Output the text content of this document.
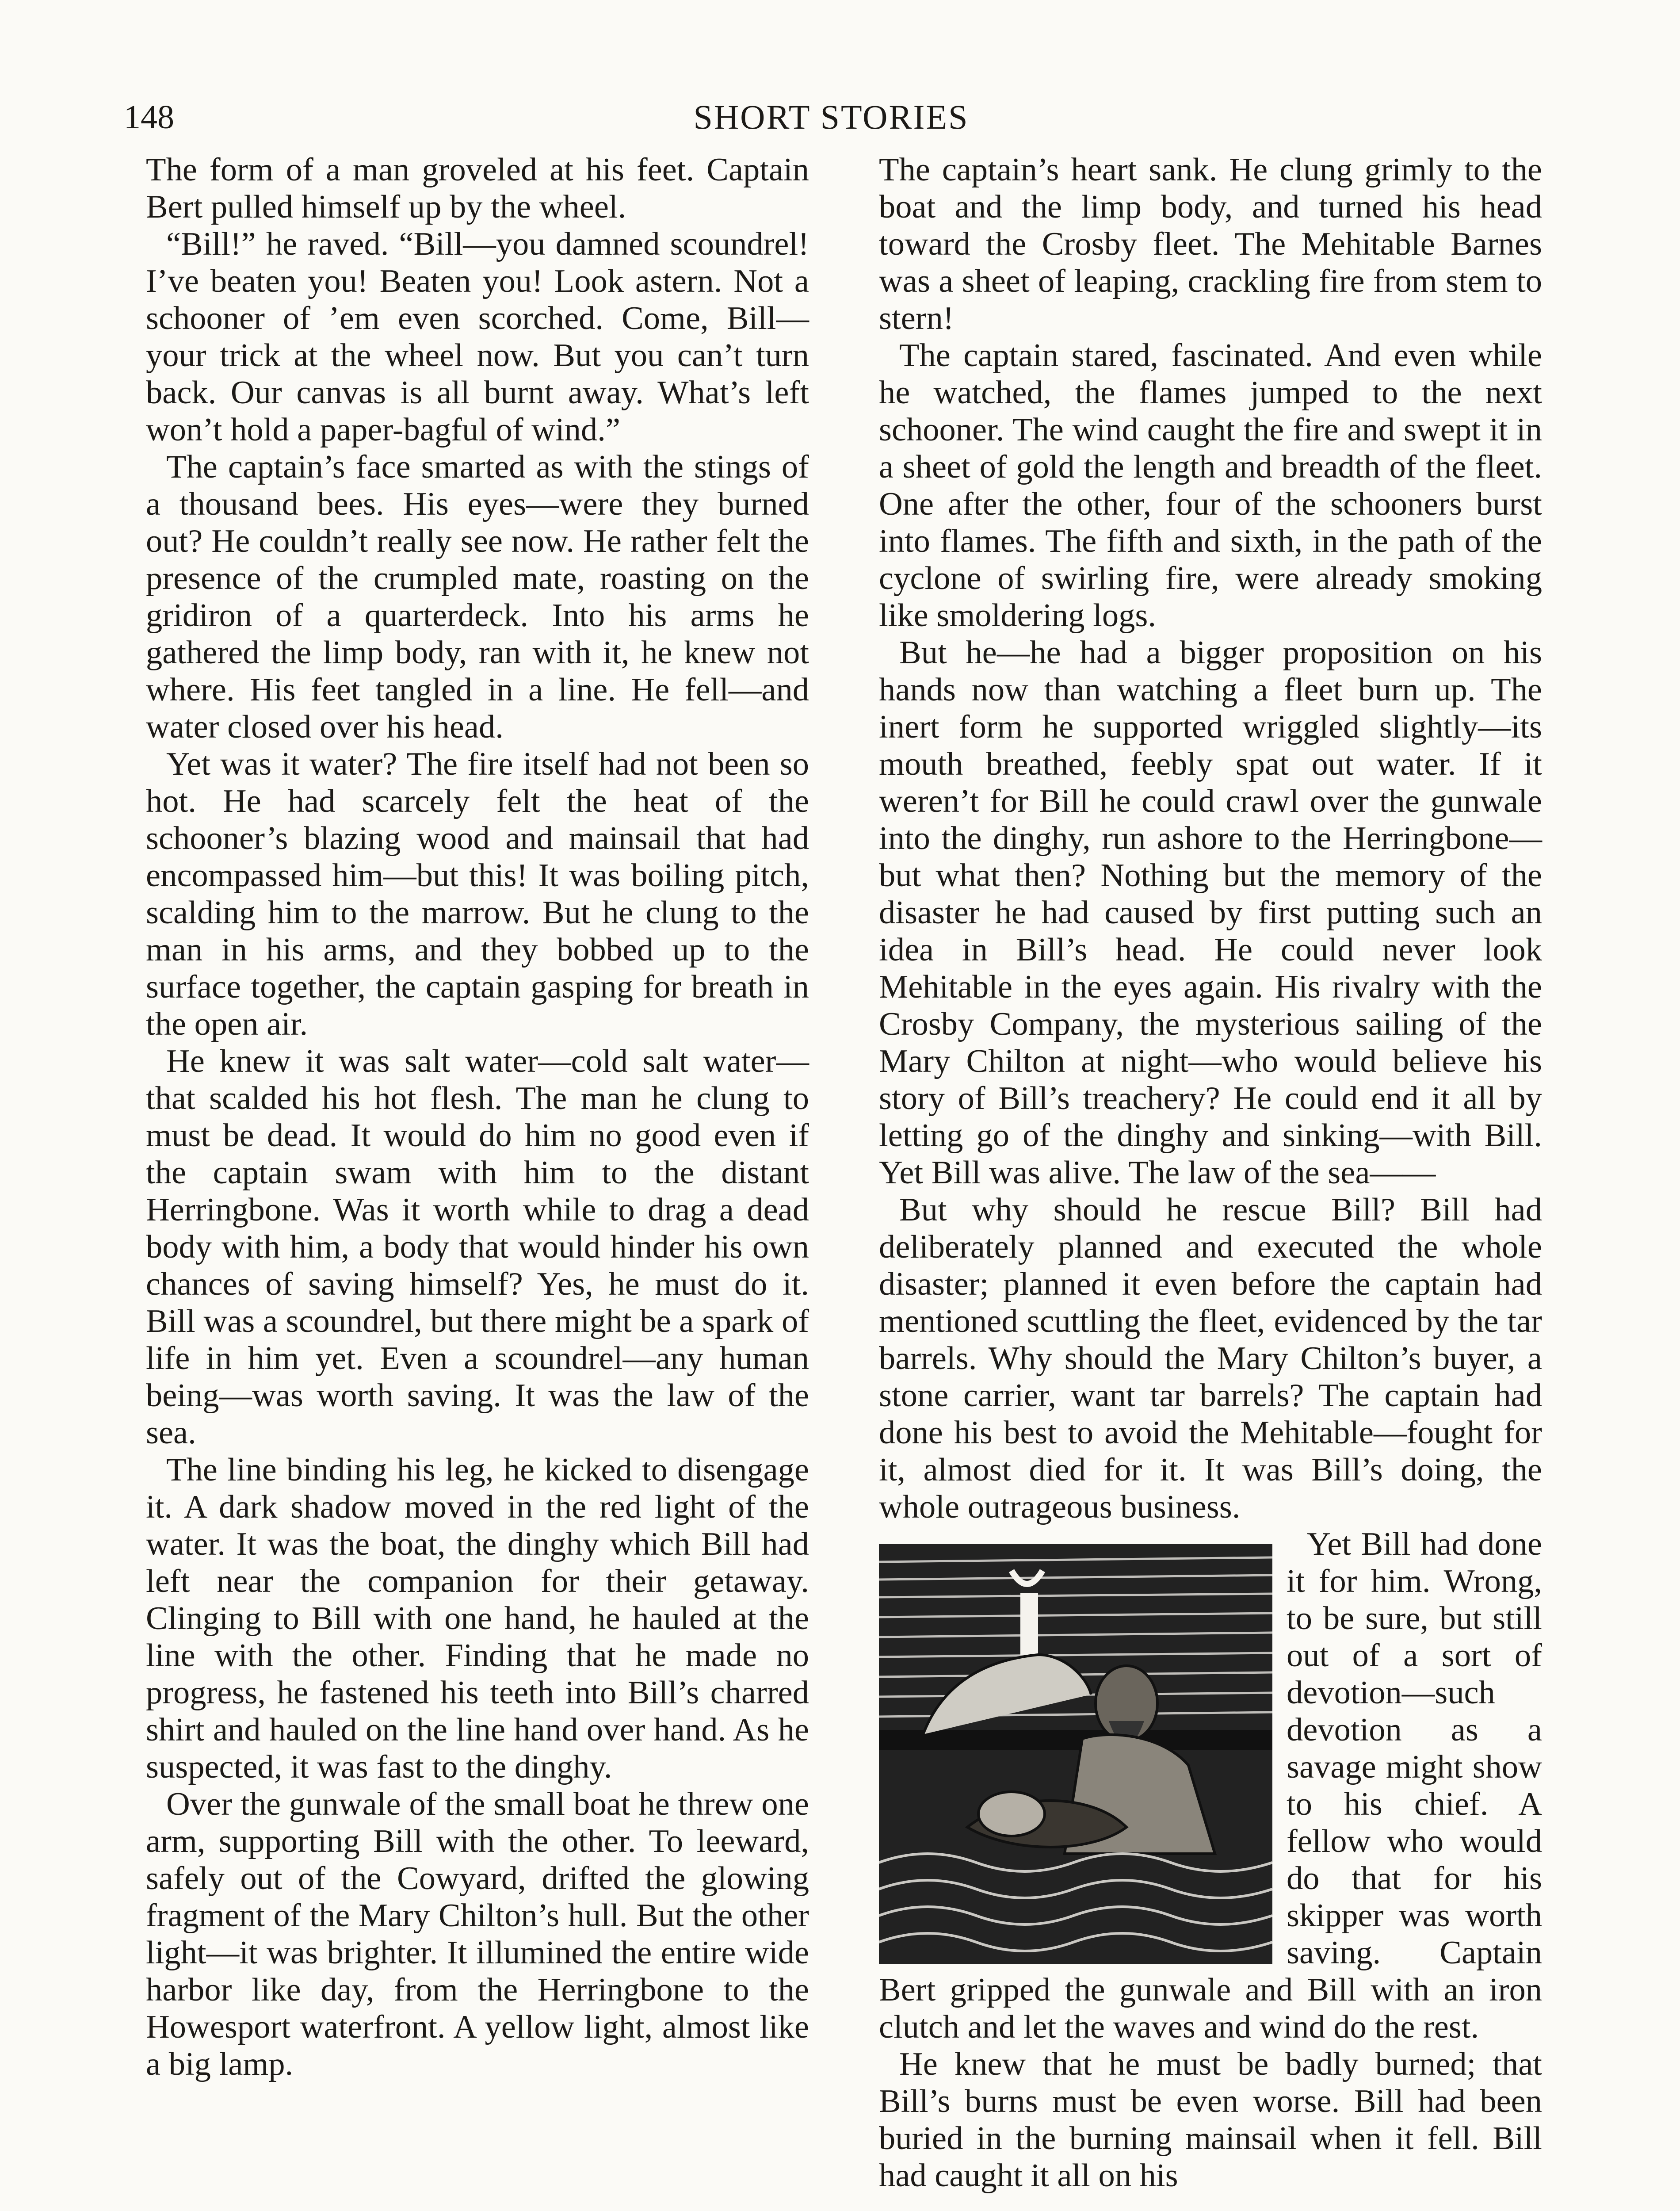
148	SHORT STORIES

The form of a man groveled at his feet. Captain Bert pulled himself up by the wheel.

“Bill!” he raved. “Bill—you damned scoundrel! I’ve beaten you! Beaten you! Look astern. Not a schooner of ’em even scorched. Come, Bill—your trick at the wheel now. But you can’t turn back. Our canvas is all burnt away. What’s left won’t hold a paper-bagful of wind.”

The captain’s face smarted as with the stings of a thousand bees. His eyes—were they burned out? He couldn’t really see now. He rather felt the presence of the crumpled mate, roasting on the gridiron of a quarterdeck. Into his arms he gathered the limp body, ran with it, he knew not where. His feet tangled in a line. He fell—and water closed over his head.

Yet was it water? The fire itself had not been so hot. He had scarcely felt the heat of the schooner’s blazing wood and mainsail that had encompassed him—but this! It was boiling pitch, scalding him to the marrow. But he clung to the man in his arms, and they bobbed up to the surface together, the captain gasping for breath in the open air.

He knew it was salt water—cold salt water—that scalded his hot flesh. The man he clung to must be dead. It would do him no good even if the captain swam with him to the distant Herringbone. Was it worth while to drag a dead body with him, a body that would hinder his own chances of saving himself? Yes, he must do it. Bill was a scoundrel, but there might be a spark of life in him yet. Even a scoundrel—any human being—was worth saving. It was the law of the sea.

The line binding his leg, he kicked to disengage it. A dark shadow moved in the red light of the water. It was the boat, the dinghy which Bill had left near the companion for their getaway. Clinging to Bill with one hand, he hauled at the line with the other. Finding that he made no progress, he fastened his teeth into Bill’s charred shirt and hauled on the line hand over hand. As he suspected, it was fast to the dinghy.

Over the gunwale of the small boat he threw one arm, supporting Bill with the other. To leeward, safely out of the Cowyard, drifted the glowing fragment of the Mary Chilton’s hull. But the other light—it was brighter. It illumined the entire wide harbor like day, from the Herringbone to the Howesport waterfront. A yellow light, almost like a big lamp.

The captain’s heart sank. He clung grimly to the boat and the limp body, and turned his head toward the Crosby fleet. The Mehitable Barnes was a sheet of leaping, crackling fire from stem to stern!

The captain stared, fascinated. And even while he watched, the flames jumped to the next schooner. The wind caught the fire and swept it in a sheet of gold the length and breadth of the fleet. One after the other, four of the schooners burst into flames. The fifth and sixth, in the path of the cyclone of swirling fire, were already smoking like smoldering logs.

But he—he had a bigger proposition on his hands now than watching a fleet burn up. The inert form he supported wriggled slightly—its mouth breathed, feebly spat out water. If it weren’t for Bill he could crawl over the gunwale into the dinghy, run ashore to the Herringbone—but what then? Nothing but the memory of the disaster he had caused by first putting such an idea in Bill’s head. He could never look Mehitable in the eyes again. His rivalry with the Crosby Company, the mysterious sailing of the Mary Chilton at night—who would believe his story of Bill’s treachery? He could end it all by letting go of the dinghy and sinking—with Bill. Yet Bill was alive. The law of the sea——

But why should he rescue Bill? Bill had deliberately planned and executed the whole disaster; planned it even before the captain had mentioned scuttling the fleet, evidenced by the tar barrels. Why should the Mary Chilton’s buyer, a stone carrier, want tar barrels? The captain had done his best to avoid the Mehitable—fought for it, almost died for it. It was Bill’s doing, the whole outrageous business.

Yet Bill had done it for him. Wrong, to be sure, but still out of a sort of devotion—such devotion as a savage might show to his chief. A fellow who would do that for his skipper was worth saving. Captain Bert gripped the gunwale and Bill with an iron clutch and let the waves and wind do the rest.

He knew that he must be badly burned; that Bill’s burns must be even worse. Bill had been buried in the burning mainsail when it fell. Bill had caught it all on his
